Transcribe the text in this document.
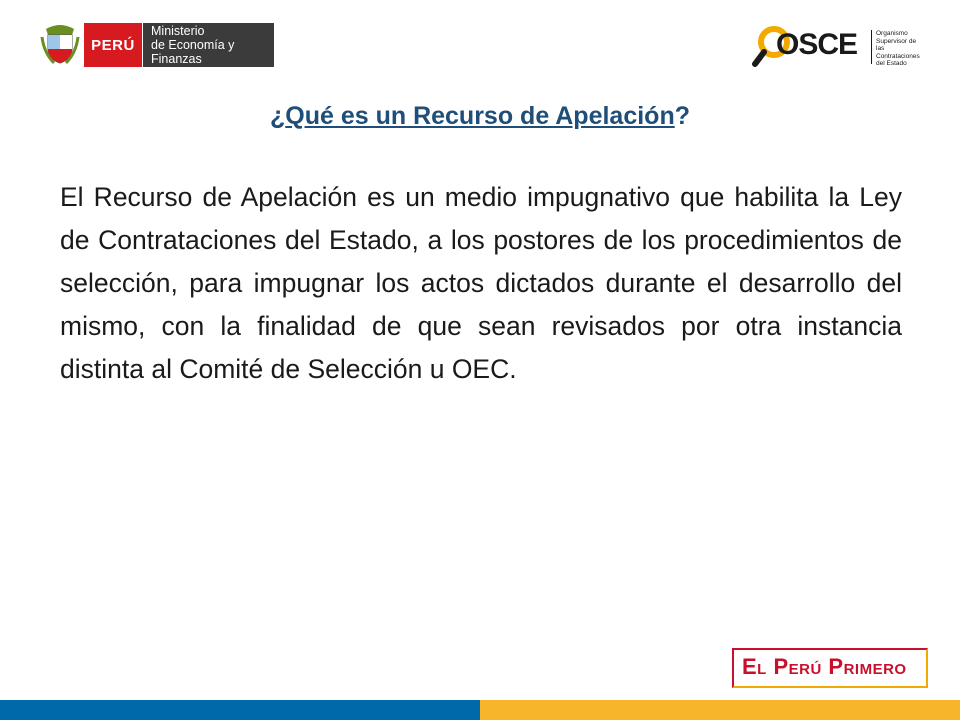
PERÚ
Ministerio
de Economía y Finanzas	OSCE	Organismo
Supervisor de las
Contrataciones
del Estado
¿Qué es un Recurso de Apelación?
El Recurso de Apelación es un medio impugnativo que habilita la Ley de Contrataciones del Estado, a los postores de los procedimientos de selección, para impugnar los actos dictados durante el desarrollo del mismo, con la finalidad de que sean revisados por otra instancia distinta al Comité de Selección u OEC.
El Perú Primero
